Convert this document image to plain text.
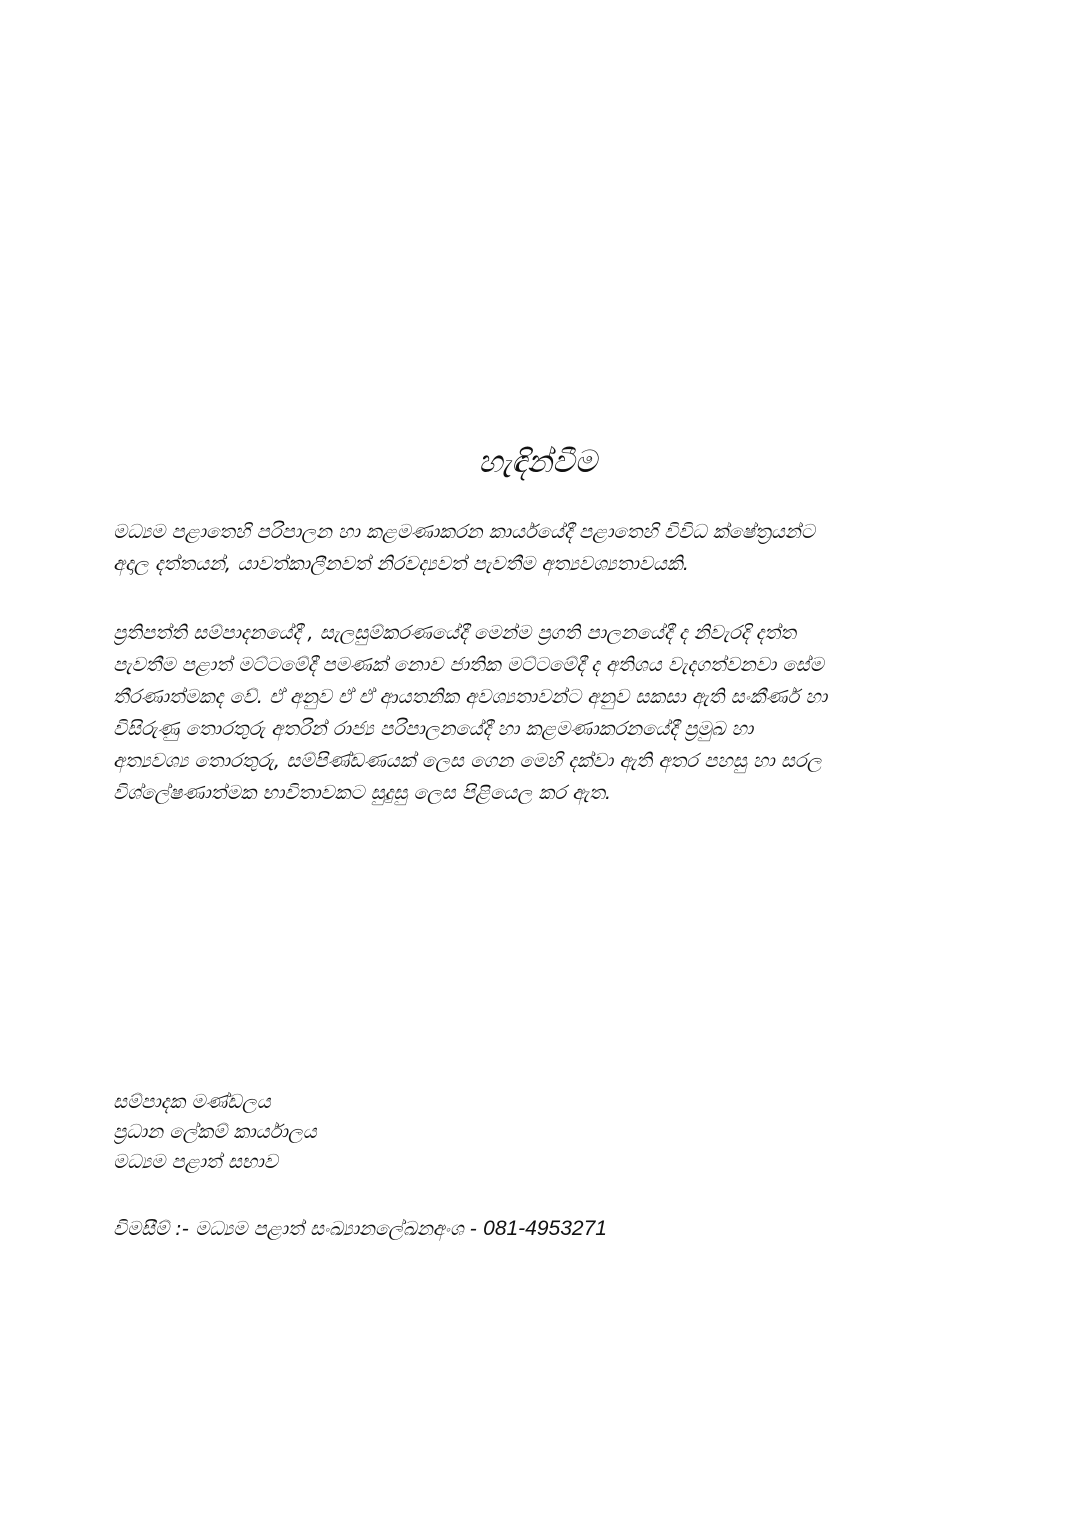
හැඳින්වීම
මධ්‍යම පළාතෙහි පරිපාලන හා කළමණාකරන කාර්යයේදී පළාතෙහි විවිධ ක්ෂේත්‍රයන්ට
අදාල දත්තයන්, යාවත්කාලීනවත් නිරවද්‍යවත් පැවතීම අත්‍යවශ්‍යතාවයකි.
ප්‍රතිපත්ති සම්පාදනයේදී , සැලසුම්කරණයේදී මෙන්ම ප්‍රගති පාලනයේදී ද නිවැරදි දත්ත
පැවතීම පළාත් මට්ටමේදී පමණක් නොව ජාතික මට්ටමේදී ද අතිශය වැදගත්වනවා සේම
තීරණාත්මකද වේ. ඒ අනුව ඒ ඒ ආයතනික අවශ්‍යතාවන්ට අනුව සකසා ඇති සංකීර්ණ හා
විසිරුණු තොරතුරු අතරින් රාජ්‍ය පරිපාලනයේදී හා කළමණාකරනයේදී ප්‍රමුඛ හා
අත්‍යවශ්‍ය තොරතුරු, සම්පිණ්ඩණයක් ලෙස ගෙන මෙහි දක්වා ඇති අතර පහසු හා සරල
විශ්ලේෂණාත්මක භාවිතාවකට සුදුසු ලෙස පිළියෙල කර ඇත.
සම්පාදක මණ්ඩලය
ප්‍රධාන ලේකම් කාර්යාලය
මධ්‍යම පළාත් සභාව
විමසීම් :- මධ්‍යම පළාත් සංඛ්‍යානලේඛනඅංශ - 081-4953271
